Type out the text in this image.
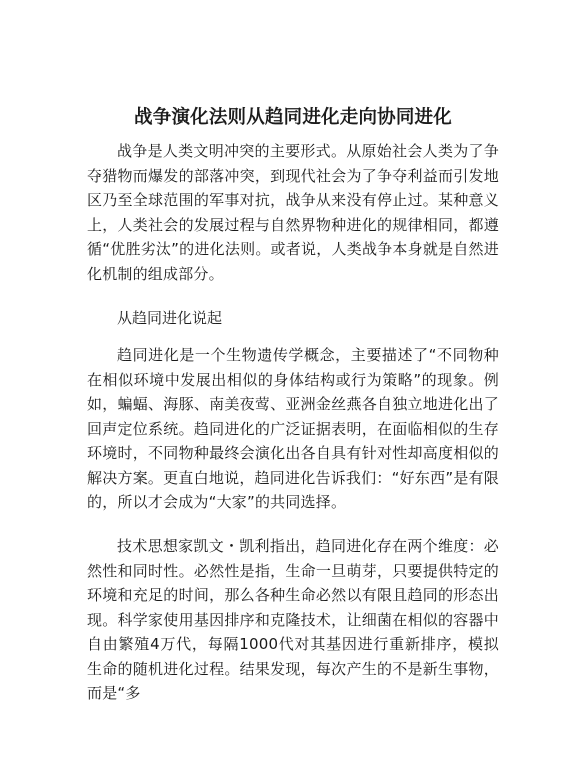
战争演化法则从趋同进化走向协同进化

战争是人类文明冲突的主要形式。从原始社会人类为了争夺猎物而爆发的部落冲突，到现代社会为了争夺利益而引发地区乃至全球范围的军事对抗，战争从来没有停止过。某种意义上，人类社会的发展过程与自然界物种进化的规律相同，都遵循“优胜劣汰”的进化法则。或者说，人类战争本身就是自然进化机制的组成部分。

从趋同进化说起

趋同进化是一个生物遗传学概念，主要描述了“不同物种在相似环境中发展出相似的身体结构或行为策略”的现象。例如，蝙蝠、海豚、南美夜莺、亚洲金丝燕各自独立地进化出了回声定位系统。趋同进化的广泛证据表明，在面临相似的生存环境时，不同物种最终会演化出各自具有针对性却高度相似的解决方案。更直白地说，趋同进化告诉我们：“好东西”是有限的，所以才会成为“大家”的共同选择。

技术思想家凯文・凯利指出，趋同进化存在两个维度：必然性和同时性。必然性是指，生命一旦萌芽，只要提供特定的环境和充足的时间，那么各种生命必然以有限且趋同的形态出现。科学家使用基因排序和克隆技术，让细菌在相似的容器中自由繁殖4万代，每隔1000代对其基因进行重新排序，模拟生命的随机进化过程。结果发现，每次产生的不是新生事物，而是“多
